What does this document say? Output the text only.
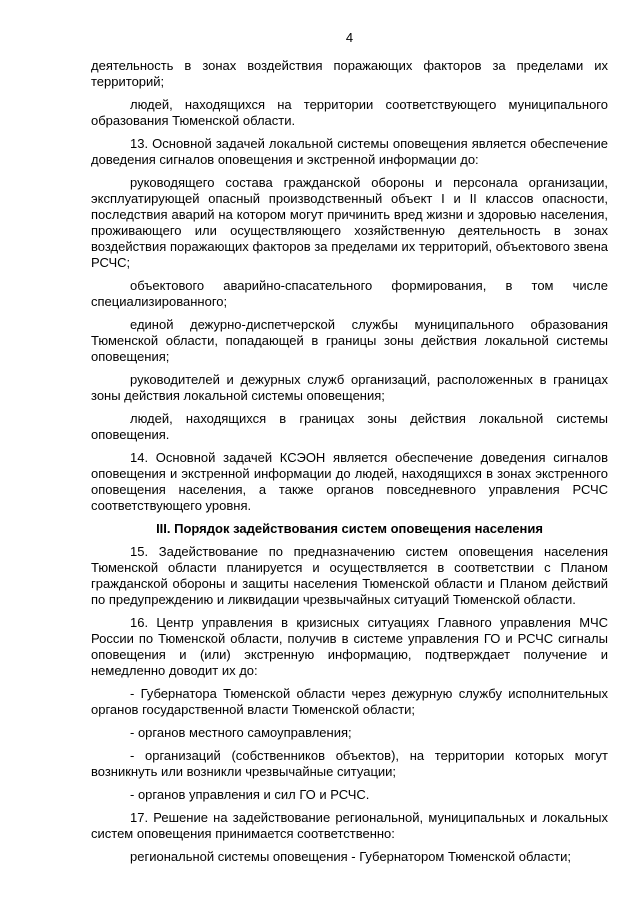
4

деятельность в зонах воздействия поражающих факторов за пределами их территорий;

людей, находящихся на территории соответствующего муниципального образования Тюменской области.

13. Основной задачей локальной системы оповещения является обеспечение доведения сигналов оповещения и экстренной информации до:

руководящего состава гражданской обороны и персонала организации, эксплуатирующей опасный производственный объект I и II классов опасности, последствия аварий на котором могут причинить вред жизни и здоровью населения, проживающего или осуществляющего хозяйственную деятельность в зонах воздействия поражающих факторов за пределами их территорий, объектового звена РСЧС;

объектового аварийно-спасательного формирования, в том числе специализированного;

единой дежурно-диспетчерской службы муниципального образования Тюменской области, попадающей в границы зоны действия локальной системы оповещения;

руководителей и дежурных служб организаций, расположенных в границах зоны действия локальной системы оповещения;

людей, находящихся в границах зоны действия локальной системы оповещения.

14. Основной задачей КСЭОН является обеспечение доведения сигналов оповещения и экстренной информации до людей, находящихся в зонах экстренного оповещения населения, а также органов повседневного управления РСЧС соответствующего уровня.

III. Порядок задействования систем оповещения населения

15. Задействование по предназначению систем оповещения населения Тюменской области планируется и осуществляется в соответствии с Планом гражданской обороны и защиты населения Тюменской области и Планом действий по предупреждению и ликвидации чрезвычайных ситуаций Тюменской области.

16. Центр управления в кризисных ситуациях Главного управления МЧС России по Тюменской области, получив в системе управления ГО и РСЧС сигналы оповещения и (или) экстренную информацию, подтверждает получение и немедленно доводит их до:

- Губернатора Тюменской области через дежурную службу исполнительных органов государственной власти Тюменской области;

- органов местного самоуправления;

- организаций (собственников объектов), на территории которых могут возникнуть или возникли чрезвычайные ситуации;

- органов управления и сил ГО и РСЧС.

17. Решение на задействование региональной, муниципальных и локальных систем оповещения принимается соответственно:

региональной системы оповещения - Губернатором Тюменской области;
